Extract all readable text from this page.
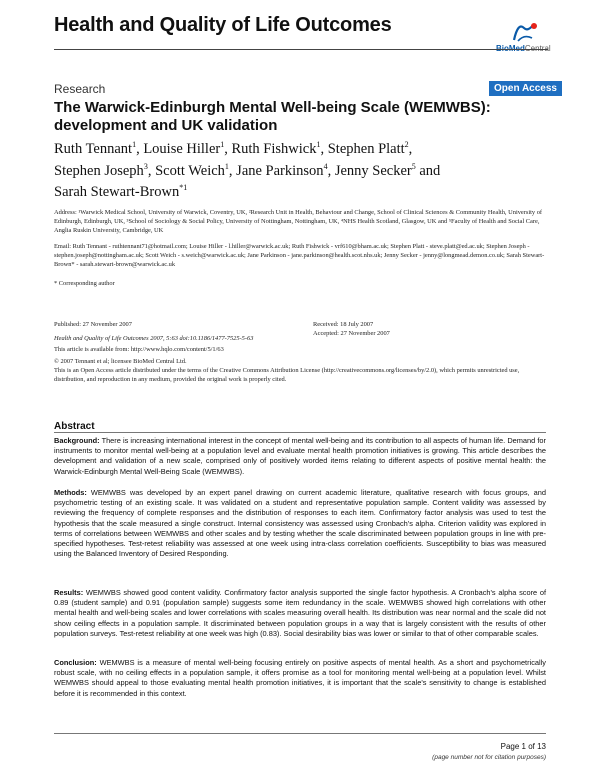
Health and Quality of Life Outcomes
BioMedCentral
Research	Open Access
The Warwick-Edinburgh Mental Well-being Scale (WEMWBS): development and UK validation
Ruth Tennant$^1$, Louise Hiller$^1$, Ruth Fishwick$^1$, Stephen Platt$^2$,
Stephen Joseph$^3$, Scott Weich$^1$, Jane Parkinson$^4$, Jenny Secker$^5$ and
Sarah Stewart-Brown$^{*1}$
Address: ¹Warwick Medical School, University of Warwick, Coventry, UK, ²Research Unit in Health, Behaviour and Change, School of Clinical Sciences & Community Health, University of Edinburgh, Edinburgh, UK, ³School of Sociology & Social Policy, University of Nottingham, Nottingham, UK, ⁴NHS Health Scotland, Glasgow, UK and ⁵Faculty of Health and Social Care, Anglia Ruskin University, Cambridge, UK
Email: Ruth Tennant - ruthtennant71@hotmail.com; Louise Hiller - l.hiller@warwick.ac.uk; Ruth Fishwick - vrf610@bham.ac.uk; Stephen Platt - steve.platt@ed.ac.uk; Stephen Joseph - stephen.joseph@nottingham.ac.uk; Scott Weich - s.weich@warwick.ac.uk; Jane Parkinson - jane.parkinson@health.scot.nhs.uk; Jenny Secker - jenny@longmead.demon.co.uk; Sarah Stewart-Brown* - sarah.stewart-brown@warwick.ac.uk
* Corresponding author
Published: 27 November 2007
Health and Quality of Life Outcomes 2007, 5:63 doi:10.1186/1477-7525-5-63
This article is available from: http://www.hqlo.com/content/5/1/63
Received: 18 July 2007
Accepted: 27 November 2007
© 2007 Tennant et al; licensee BioMed Central Ltd.
This is an Open Access article distributed under the terms of the Creative Commons Attribution License (http://creativecommons.org/licenses/by/2.0), which permits unrestricted use, distribution, and reproduction in any medium, provided the original work is properly cited.
Abstract
Background: There is increasing international interest in the concept of mental well-being and its contribution to all aspects of human life. Demand for instruments to monitor mental well-being at a population level and evaluate mental health promotion initiatives is growing. This article describes the development and validation of a new scale, comprised only of positively worded items relating to different aspects of positive mental health: the Warwick-Edinburgh Mental Well-Being Scale (WEMWBS).
Methods: WEMWBS was developed by an expert panel drawing on current academic literature, qualitative research with focus groups, and psychometric testing of an existing scale. It was validated on a student and representative population sample. Content validity was assessed by reviewing the frequency of complete responses and the distribution of responses to each item. Confirmatory factor analysis was used to test the hypothesis that the scale measured a single construct. Internal consistency was assessed using Cronbach's alpha. Criterion validity was explored in terms of correlations between WEMWBS and other scales and by testing whether the scale discriminated between population groups in line with pre-specified hypotheses. Test-retest reliability was assessed at one week using intra-class correlation coefficients. Susceptibility to bias was measured using the Balanced Inventory of Desired Responding.
Results: WEMWBS showed good content validity. Confirmatory factor analysis supported the single factor hypothesis. A Cronbach's alpha score of 0.89 (student sample) and 0.91 (population sample) suggests some item redundancy in the scale. WEMWBS showed high correlations with other mental health and well-being scales and lower correlations with scales measuring overall health. Its distribution was near normal and the scale did not show ceiling effects in a population sample. It discriminated between population groups in a way that is largely consistent with the results of other population surveys. Test-retest reliability at one week was high (0.83). Social desirability bias was lower or similar to that of other comparable scales.
Conclusion: WEMWBS is a measure of mental well-being focusing entirely on positive aspects of mental health. As a short and psychometrically robust scale, with no ceiling effects in a population sample, it offers promise as a tool for monitoring mental well-being at a population level. Whilst WEMWBS should appeal to those evaluating mental health promotion initiatives, it is important that the scale's sensitivity to change is established before it is recommended in this context.
Page 1 of 13
(page number not for citation purposes)
